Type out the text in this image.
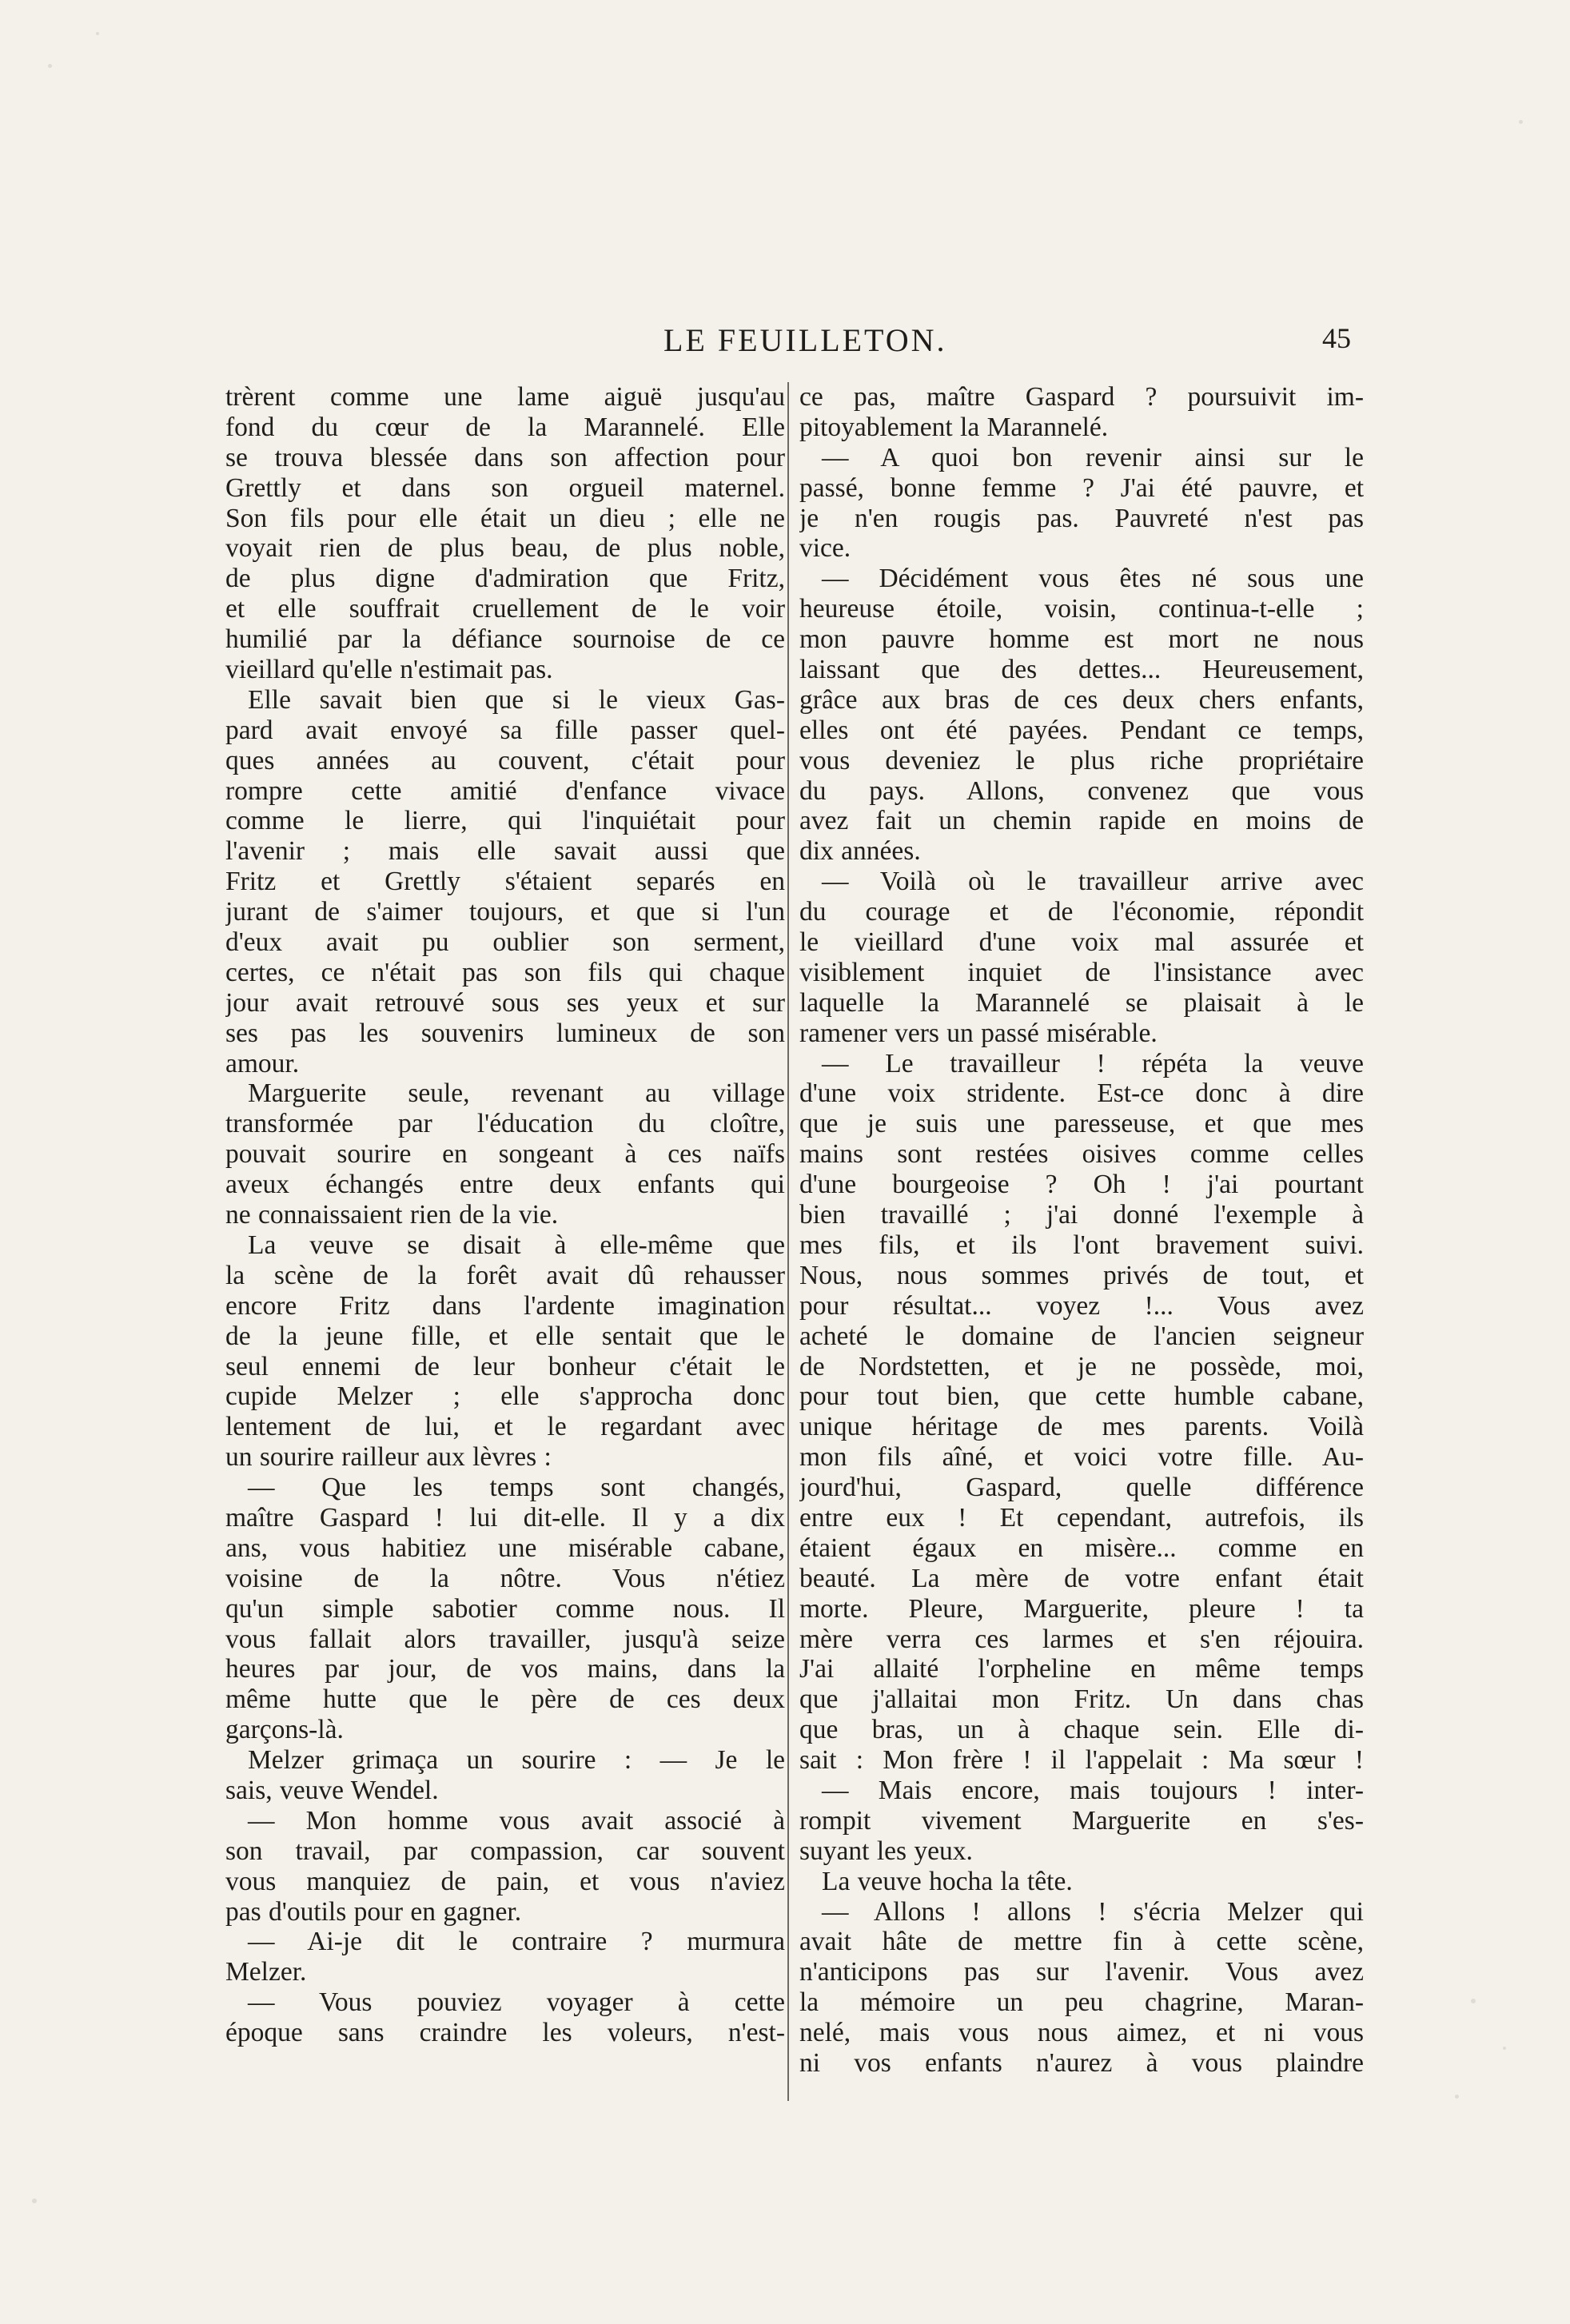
LE FEUILLETON.	45
trèrent comme une lame aiguë jusqu'au
fond du cœur de la Marannelé. Elle
se trouva blessée dans son affection pour
Grettly et dans son orgueil maternel.
Son fils pour elle était un dieu ; elle ne
voyait rien de plus beau, de plus noble,
de plus digne d'admiration que Fritz,
et elle souffrait cruellement de le voir
humilié par la défiance sournoise de ce
vieillard qu'elle n'estimait pas.
Elle savait bien que si le vieux Gas-
pard avait envoyé sa fille passer quel-
ques années au couvent, c'était pour
rompre cette amitié d'enfance vivace
comme le lierre, qui l'inquiétait pour
l'avenir ; mais elle savait aussi que
Fritz et Grettly s'étaient separés en
jurant de s'aimer toujours, et que si l'un
d'eux avait pu oublier son serment,
certes, ce n'était pas son fils qui chaque
jour avait retrouvé sous ses yeux et sur
ses pas les souvenirs lumineux de son
amour.
Marguerite seule, revenant au village
transformée par l'éducation du cloître,
pouvait sourire en songeant à ces naïfs
aveux échangés entre deux enfants qui
ne connaissaient rien de la vie.
La veuve se disait à elle-même que
la scène de la forêt avait dû rehausser
encore Fritz dans l'ardente imagination
de la jeune fille, et elle sentait que le
seul ennemi de leur bonheur c'était le
cupide Melzer ; elle s'approcha donc
lentement de lui, et le regardant avec
un sourire railleur aux lèvres :
— Que les temps sont changés,
maître Gaspard ! lui dit-elle. Il y a dix
ans, vous habitiez une misérable cabane,
voisine de la nôtre. Vous n'étiez
qu'un simple sabotier comme nous. Il
vous fallait alors travailler, jusqu'à seize
heures par jour, de vos mains, dans la
même hutte que le père de ces deux
garçons-là.
Melzer grimaça un sourire : — Je le
sais, veuve Wendel.
— Mon homme vous avait associé à
son travail, par compassion, car souvent
vous manquiez de pain, et vous n'aviez
pas d'outils pour en gagner.
— Ai-je dit le contraire ? murmura
Melzer.
— Vous pouviez voyager à cette
époque sans craindre les voleurs, n'est-
ce pas, maître Gaspard ? poursuivit im-
pitoyablement la Marannelé.
— A quoi bon revenir ainsi sur le
passé, bonne femme ? J'ai été pauvre, et
je n'en rougis pas. Pauvreté n'est pas
vice.
— Décidément vous êtes né sous une
heureuse étoile, voisin, continua-t-elle ;
mon pauvre homme est mort ne nous
laissant que des dettes... Heureusement,
grâce aux bras de ces deux chers enfants,
elles ont été payées. Pendant ce temps,
vous deveniez le plus riche propriétaire
du pays. Allons, convenez que vous
avez fait un chemin rapide en moins de
dix années.
— Voilà où le travailleur arrive avec
du courage et de l'économie, répondit
le vieillard d'une voix mal assurée et
visiblement inquiet de l'insistance avec
laquelle la Marannelé se plaisait à le
ramener vers un passé misérable.
— Le travailleur ! répéta la veuve
d'une voix stridente. Est-ce donc à dire
que je suis une paresseuse, et que mes
mains sont restées oisives comme celles
d'une bourgeoise ? Oh ! j'ai pourtant
bien travaillé ; j'ai donné l'exemple à
mes fils, et ils l'ont bravement suivi.
Nous, nous sommes privés de tout, et
pour résultat... voyez !... Vous avez
acheté le domaine de l'ancien seigneur
de Nordstetten, et je ne possède, moi,
pour tout bien, que cette humble cabane,
unique héritage de mes parents. Voilà
mon fils aîné, et voici votre fille. Au-
jourd'hui, Gaspard, quelle différence
entre eux ! Et cependant, autrefois, ils
étaient égaux en misère... comme en
beauté. La mère de votre enfant était
morte. Pleure, Marguerite, pleure ! ta
mère verra ces larmes et s'en réjouira.
J'ai allaité l'orpheline en même temps
que j'allaitai mon Fritz. Un dans chas
que bras, un à chaque sein. Elle di-
sait : Mon frère ! il l'appelait : Ma sœur !
— Mais encore, mais toujours ! inter-
rompit vivement Marguerite en s'es-
suyant les yeux.
La veuve hocha la tête.
— Allons ! allons ! s'écria Melzer qui
avait hâte de mettre fin à cette scène,
n'anticipons pas sur l'avenir. Vous avez
la mémoire un peu chagrine, Maran-
nelé, mais vous nous aimez, et ni vous
ni vos enfants n'aurez à vous plaindre
